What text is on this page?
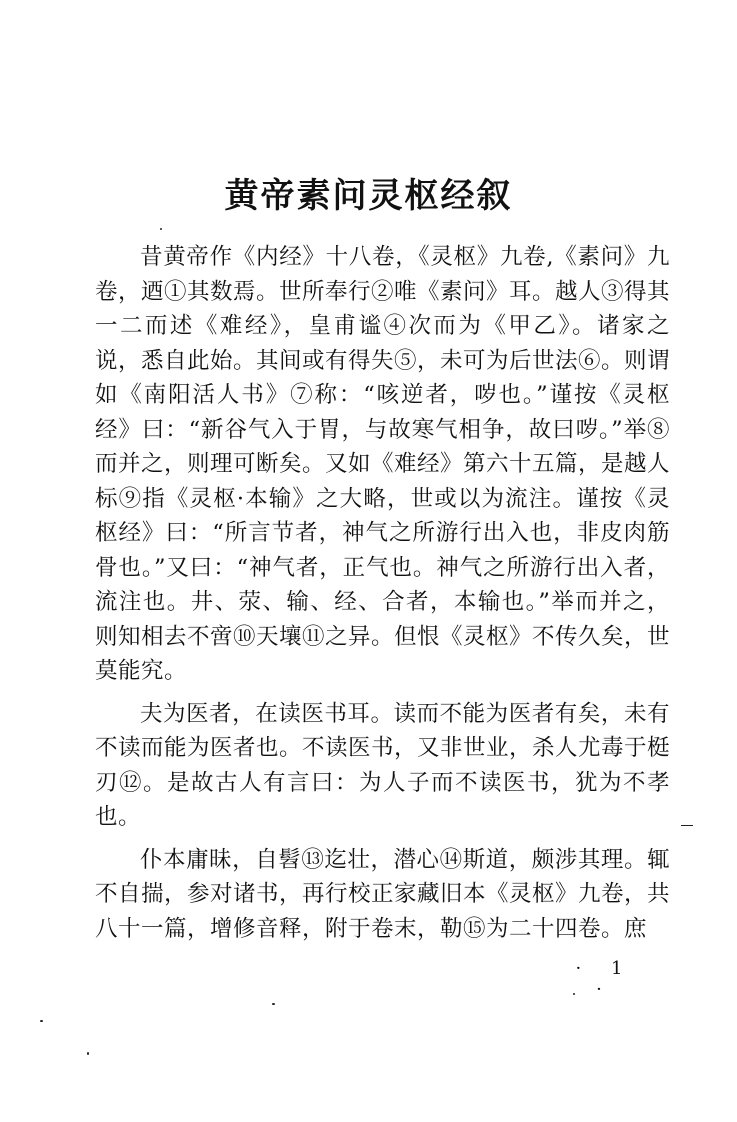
黄帝素问灵枢经叙

昔黄帝作《内经》十八卷，《灵枢》九卷,《素问》九卷，迺①其数焉。世所奉行②唯《素问》耳。越人③得其一二而述《难经》，皇甫谧④次而为《甲乙》。诸家之说，悉自此始。其间或有得失⑤，未可为后世法⑥。则谓如《南阳活人书》⑦称：“咳逆者，哕也。”谨按《灵枢经》曰：“新谷气入于胃，与故寒气相争，故曰哕。”举⑧而并之，则理可断矣。又如《难经》第六十五篇，是越人标⑨指《灵枢·本输》之大略，世或以为流注。谨按《灵枢经》曰：“所言节者，神气之所游行出入也，非皮肉筋骨也。”又曰：“神气者，正气也。神气之所游行出入者，流注也。井、荥、输、经、合者，本输也。”举而并之，则知相去不啻⑩天壤⑪之异。但恨《灵枢》不传久矣，世莫能究。

夫为医者，在读医书耳。读而不能为医者有矣，未有不读而能为医者也。不读医书，又非世业，杀人尤毒于梃刃⑫。是故古人有言曰：为人子而不读医书，犹为不孝也。

仆本庸昧，自髫⑬迄壮，潜心⑭斯道，颇涉其理。辄不自揣，参对诸书，再行校正家藏旧本《灵枢》九卷，共八十一篇，增修音释，附于卷末，勒⑮为二十四卷。庶

· 1 ·
